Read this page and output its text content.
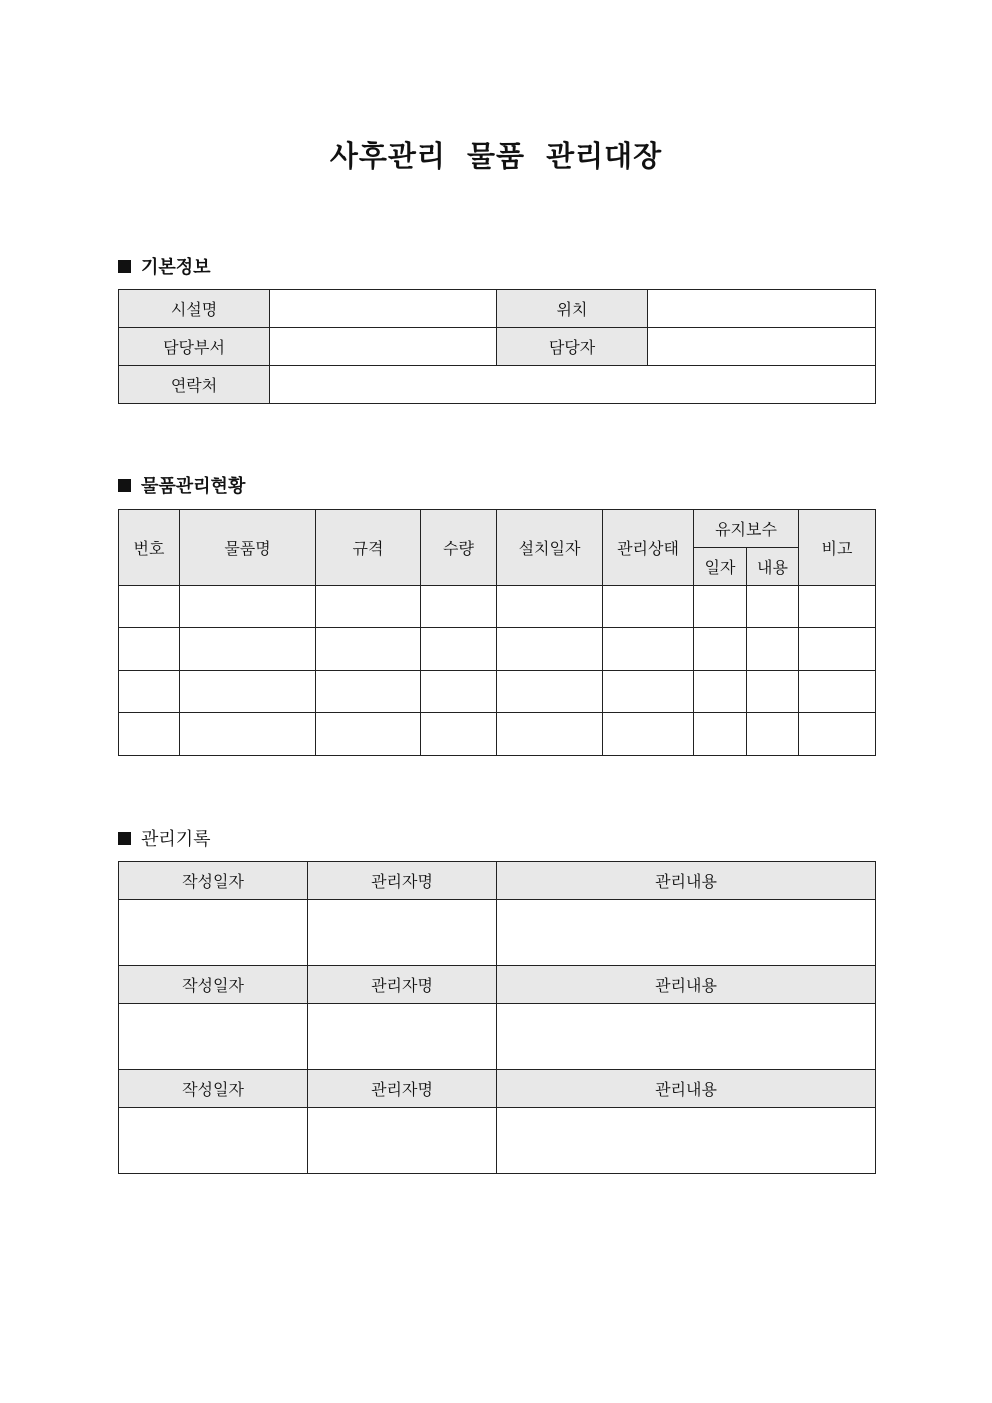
사후관리 물품 관리대장
기본정보
시설명		위치	
담당부서		담당자	
연락처			
물품관리현황
번호	물품명	규격	수량	설치일자	관리상태	유지보수		비고
						일자	내용	

관리기록
작성일자	관리자명	관리내용

작성일자	관리자명	관리내용

작성일자	관리자명	관리내용
